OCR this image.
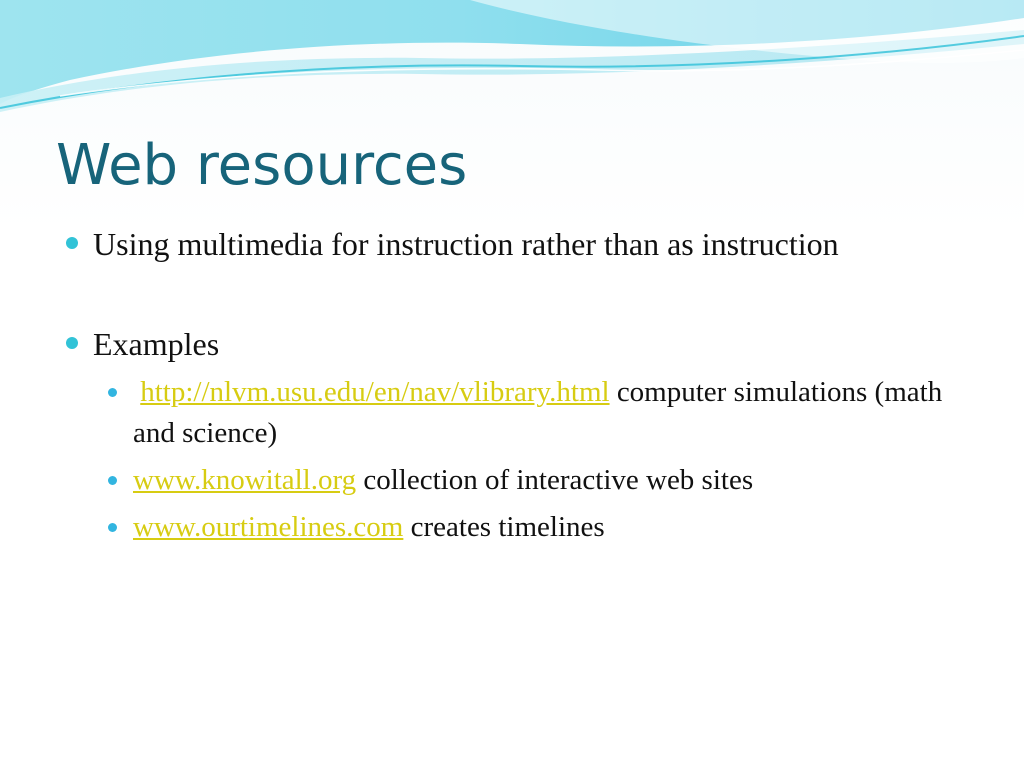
Web resources
Using multimedia for instruction rather than as instruction
Examples
http://nlvm.usu.edu/en/nav/vlibrary.html computer simulations (math and science)
www.knowitall.org collection of interactive web sites
www.ourtimelines.com creates timelines
